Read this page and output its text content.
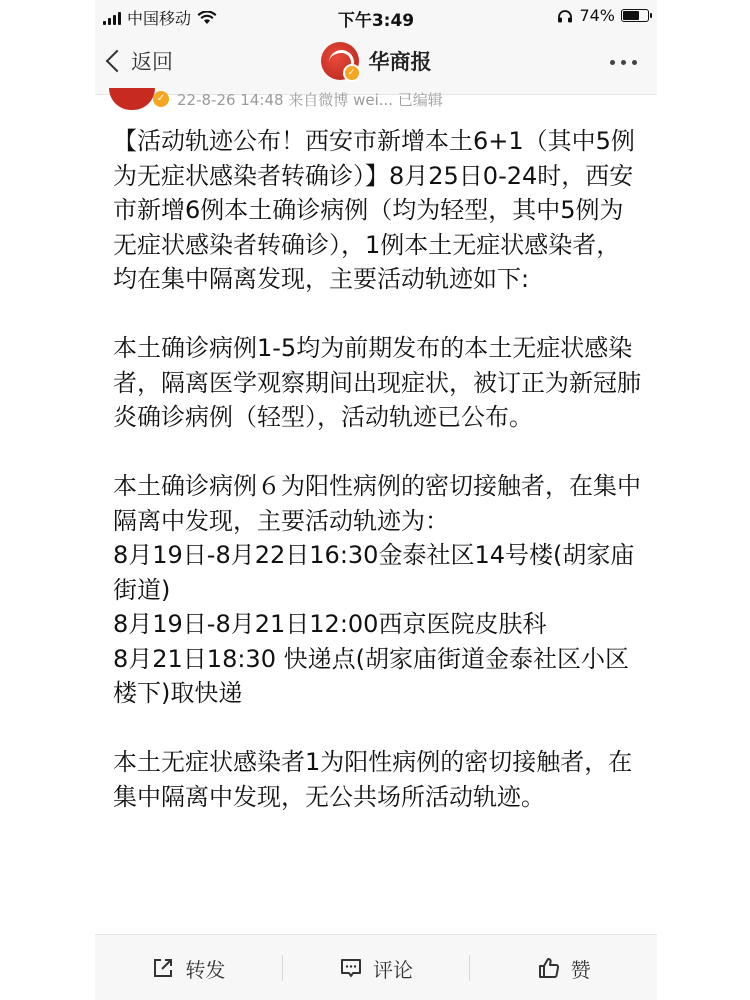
中国移动	下午3:49	74%
返回	✓ 华商报
✓ 22-8-26 14:48 来自微博 wei... 已编辑

【活动轨迹公布！西安市新增本土6+1（其中5例为无症状感染者转确诊）】8月25日0-24时，西安市新增6例本土确诊病例（均为轻型，其中5例为无症状感染者转确诊），1例本土无症状感染者，均在集中隔离发现，主要活动轨迹如下:

本土确诊病例1-5均为前期发布的本土无症状感染者，隔离医学观察期间出现症状，被订正为新冠肺炎确诊病例（轻型），活动轨迹已公布。

本土确诊病例６为阳性病例的密切接触者，在集中隔离中发现，主要活动轨迹为：

8月19日-8月22日16:30金泰社区14号楼(胡家庙街道)

8月19日-8月21日12:00西京医院皮肤科

8月21日18:30 快递点(胡家庙街道金泰社区小区楼下)取快递

本土无症状感染者1为阳性病例的密切接触者，在集中隔离中发现，无公共场所活动轨迹。

转发	评论	赞
